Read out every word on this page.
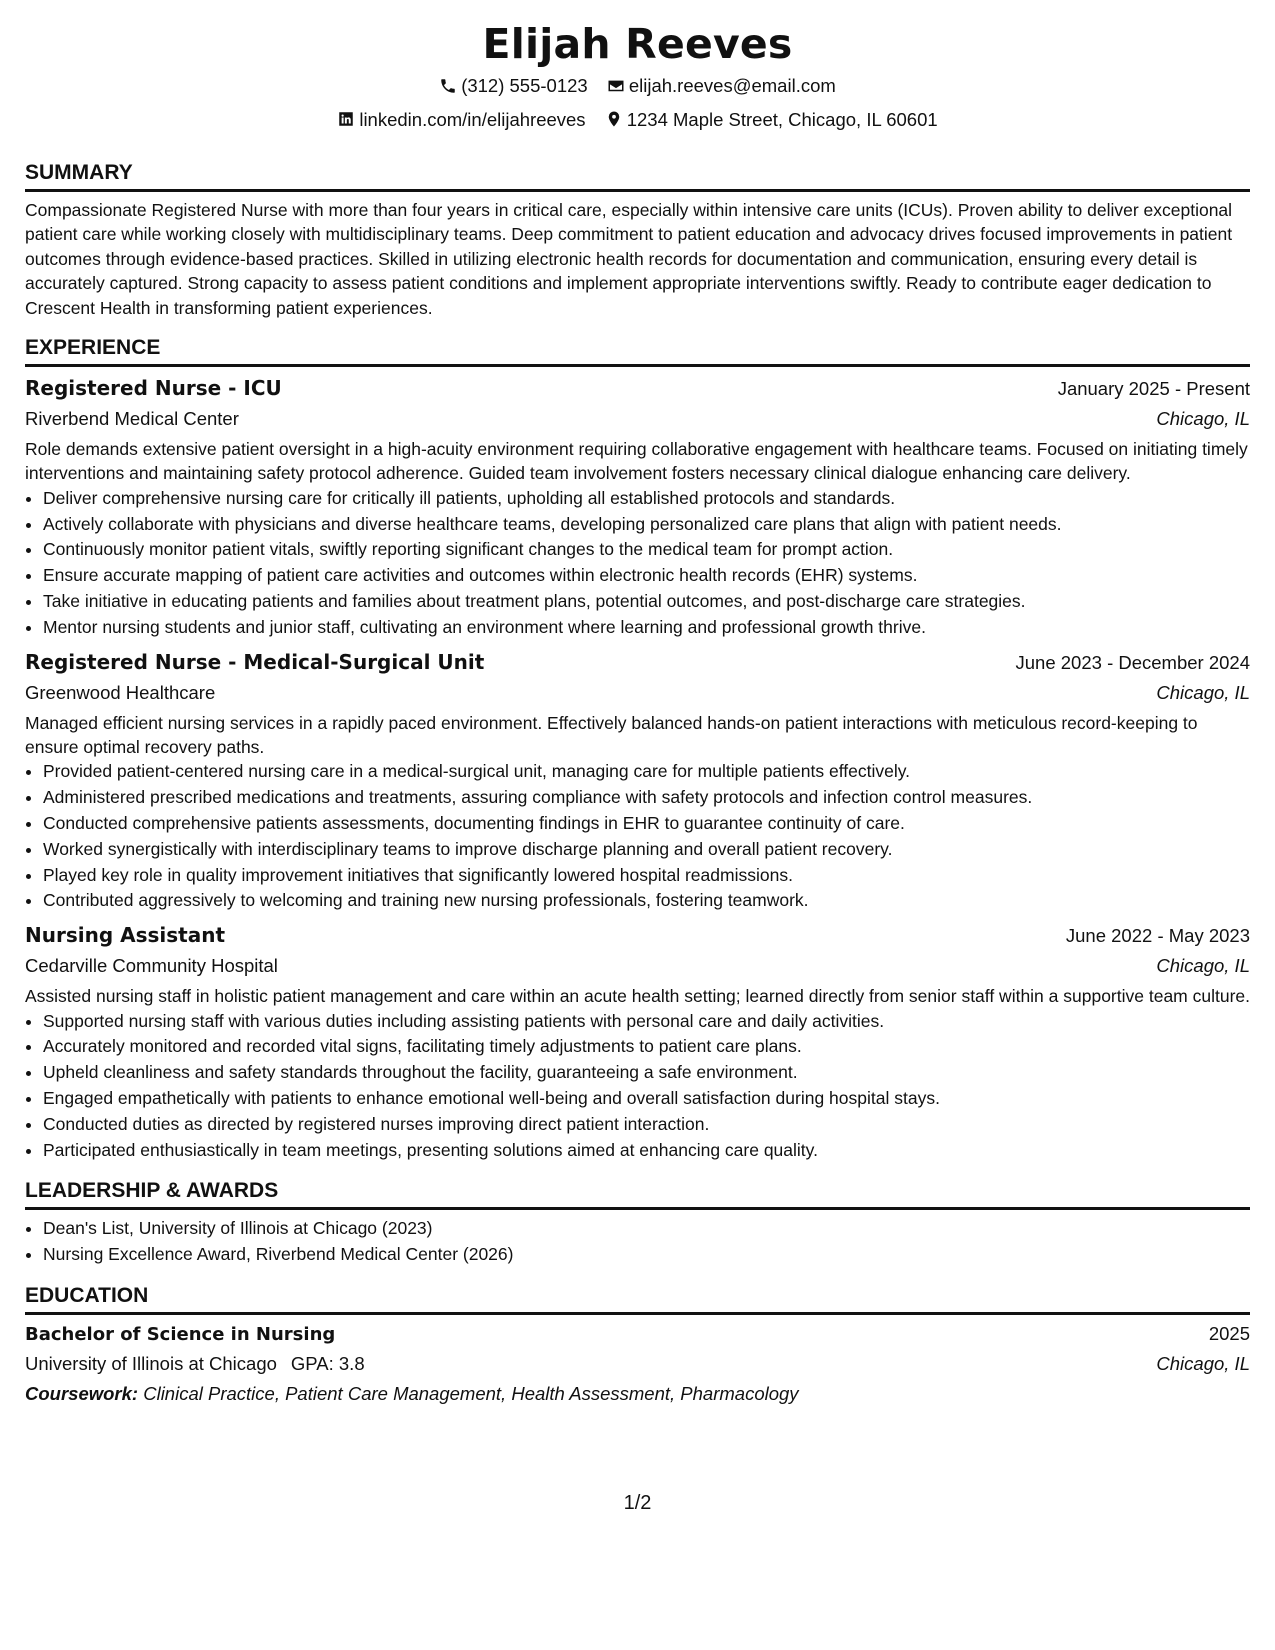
Elijah Reeves
(312) 555-0123
elijah.reeves@email.com
linkedin.com/in/elijahreeves
1234 Maple Street, Chicago, IL 60601
SUMMARY

Compassionate Registered Nurse with more than four years in critical care, especially within intensive care units (ICUs). Proven ability to deliver exceptional patient care while working closely with multidisciplinary teams. Deep commitment to patient education and advocacy drives focused improvements in patient outcomes through evidence-based practices. Skilled in utilizing electronic health records for documentation and communication, ensuring every detail is accurately captured. Strong capacity to assess patient conditions and implement appropriate interventions swiftly. Ready to contribute eager dedication to Crescent Health in transforming patient experiences.

EXPERIENCE
Registered Nurse - ICU	January 2025 - Present
Riverbend Medical Center	Chicago, IL

Role demands extensive patient oversight in a high-acuity environment requiring collaborative engagement with healthcare teams. Focused on initiating timely interventions and maintaining safety protocol adherence. Guided team involvement fosters necessary clinical dialogue enhancing care delivery.

• Deliver comprehensive nursing care for critically ill patients, upholding all established protocols and standards.
• Actively collaborate with physicians and diverse healthcare teams, developing personalized care plans that align with patient needs.
• Continuously monitor patient vitals, swiftly reporting significant changes to the medical team for prompt action.
• Ensure accurate mapping of patient care activities and outcomes within electronic health records (EHR) systems.
• Take initiative in educating patients and families about treatment plans, potential outcomes, and post-discharge care strategies.
• Mentor nursing students and junior staff, cultivating an environment where learning and professional growth thrive.
Registered Nurse - Medical-Surgical Unit	June 2023 - December 2024
Greenwood Healthcare	Chicago, IL

Managed efficient nursing services in a rapidly paced environment. Effectively balanced hands-on patient interactions with meticulous record-keeping to ensure optimal recovery paths.

• Provided patient-centered nursing care in a medical-surgical unit, managing care for multiple patients effectively.
• Administered prescribed medications and treatments, assuring compliance with safety protocols and infection control measures.
• Conducted comprehensive patients assessments, documenting findings in EHR to guarantee continuity of care.
• Worked synergistically with interdisciplinary teams to improve discharge planning and overall patient recovery.
• Played key role in quality improvement initiatives that significantly lowered hospital readmissions.
• Contributed aggressively to welcoming and training new nursing professionals, fostering teamwork.
Nursing Assistant	June 2022 - May 2023
Cedarville Community Hospital	Chicago, IL

Assisted nursing staff in holistic patient management and care within an acute health setting; learned directly from senior staff within a supportive team culture.

• Supported nursing staff with various duties including assisting patients with personal care and daily activities.
• Accurately monitored and recorded vital signs, facilitating timely adjustments to patient care plans.
• Upheld cleanliness and safety standards throughout the facility, guaranteeing a safe environment.
• Engaged empathetically with patients to enhance emotional well-being and overall satisfaction during hospital stays.
• Conducted duties as directed by registered nurses improving direct patient interaction.
• Participated enthusiastically in team meetings, presenting solutions aimed at enhancing care quality.
LEADERSHIP & AWARDS
• Dean's List, University of Illinois at Chicago (2023)
• Nursing Excellence Award, Riverbend Medical Center (2026)
EDUCATION
Bachelor of Science in Nursing	2025
University of Illinois at Chicago GPA: 3.8	Chicago, IL
Coursework: Clinical Practice, Patient Care Management, Health Assessment, Pharmacology
1/2
